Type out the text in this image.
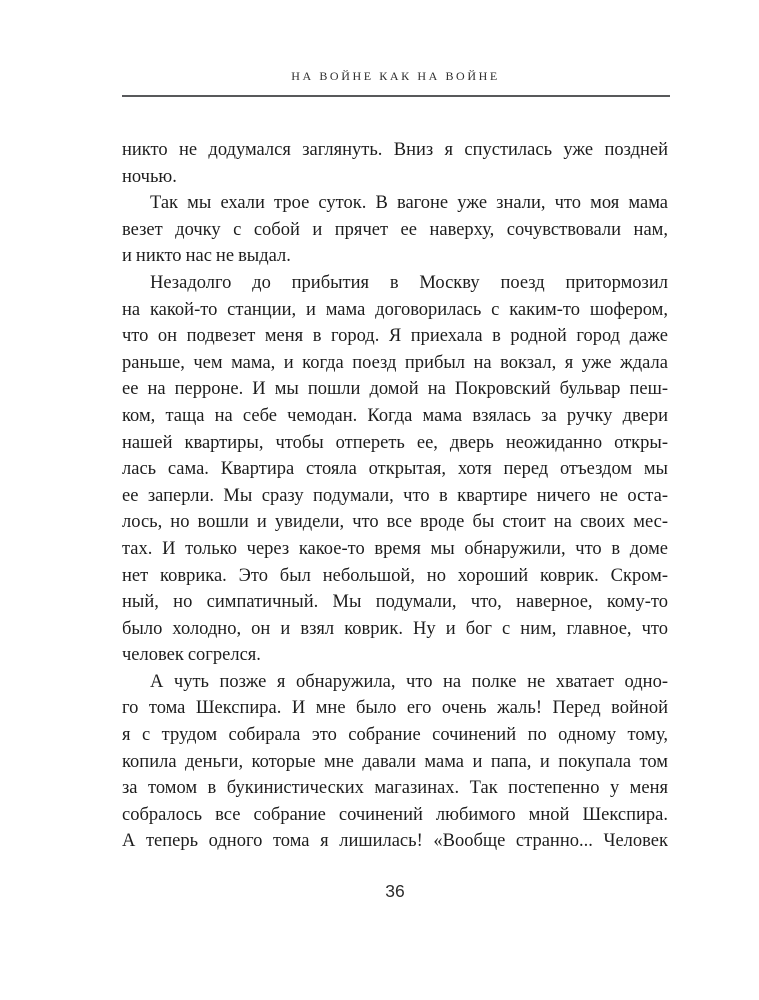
НА ВОЙНЕ КАК НА ВОЙНЕ
никто не додумался заглянуть. Вниз я спустилась уже поздней
ночью.
Так мы ехали трое суток. В вагоне уже знали, что моя мама
везет дочку с собой и прячет ее наверху, сочувствовали нам,
и никто нас не выдал.
Незадолго до прибытия в Москву поезд притормозил
на какой-то станции, и мама договорилась с каким-то шофером,
что он подвезет меня в город. Я приехала в родной город даже
раньше, чем мама, и когда поезд прибыл на вокзал, я уже ждала
ее на перроне. И мы пошли домой на Покровский бульвар пеш-
ком, таща на себе чемодан. Когда мама взялась за ручку двери
нашей квартиры, чтобы отпереть ее, дверь неожиданно откры-
лась сама. Квартира стояла открытая, хотя перед отъездом мы
ее заперли. Мы сразу подумали, что в квартире ничего не оста-
лось, но вошли и увидели, что все вроде бы стоит на своих мес-
тах. И только через какое-то время мы обнаружили, что в доме
нет коврика. Это был небольшой, но хороший коврик. Скром-
ный, но симпатичный. Мы подумали, что, наверное, кому-то
было холодно, он и взял коврик. Ну и бог с ним, главное, что
человек согрелся.
А чуть позже я обнаружила, что на полке не хватает одно-
го тома Шекспира. И мне было его очень жаль! Перед войной
я с трудом собирала это собрание сочинений по одному тому,
копила деньги, которые мне давали мама и папа, и покупала том
за томом в букинистических магазинах. Так постепенно у меня
собралось все собрание сочинений любимого мной Шекспира.
А теперь одного тома я лишилась! «Вообще странно... Человек
36
